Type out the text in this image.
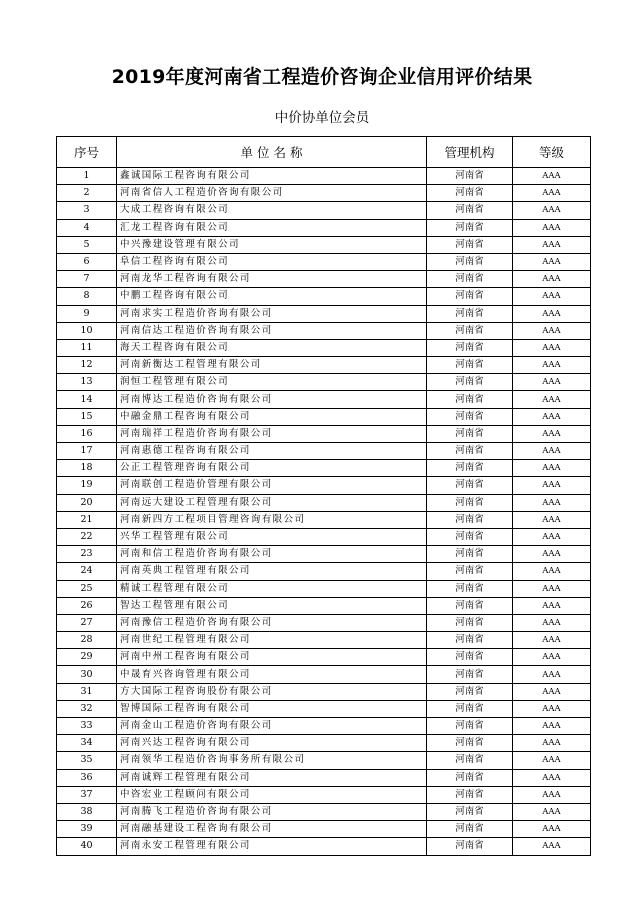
2019年度河南省工程造价咨询企业信用评价结果
中价协单位会员
序号	单 位 名 称	管理机构	等级
1	鑫诚国际工程咨询有限公司	河南省	AAA
2	河南省信人工程造价咨询有限公司	河南省	AAA
3	大成工程咨询有限公司	河南省	AAA
4	汇龙工程咨询有限公司	河南省	AAA
5	中兴豫建设管理有限公司	河南省	AAA
6	阜信工程咨询有限公司	河南省	AAA
7	河南龙华工程咨询有限公司	河南省	AAA
8	中鹏工程咨询有限公司	河南省	AAA
9	河南求实工程造价咨询有限公司	河南省	AAA
10	河南信达工程造价咨询有限公司	河南省	AAA
11	海天工程咨询有限公司	河南省	AAA
12	河南新衡达工程管理有限公司	河南省	AAA
13	润恒工程管理有限公司	河南省	AAA
14	河南博达工程造价咨询有限公司	河南省	AAA
15	中融金鼎工程咨询有限公司	河南省	AAA
16	河南瑞祥工程造价咨询有限公司	河南省	AAA
17	河南惠德工程咨询有限公司	河南省	AAA
18	公正工程管理咨询有限公司	河南省	AAA
19	河南联创工程造价管理有限公司	河南省	AAA
20	河南远大建设工程管理有限公司	河南省	AAA
21	河南新四方工程项目管理咨询有限公司	河南省	AAA
22	兴华工程管理有限公司	河南省	AAA
23	河南和信工程造价咨询有限公司	河南省	AAA
24	河南英典工程管理有限公司	河南省	AAA
25	精诚工程管理有限公司	河南省	AAA
26	智达工程管理有限公司	河南省	AAA
27	河南豫信工程造价咨询有限公司	河南省	AAA
28	河南世纪工程管理有限公司	河南省	AAA
29	河南中州工程咨询有限公司	河南省	AAA
30	中晟育兴咨询管理有限公司	河南省	AAA
31	方大国际工程咨询股份有限公司	河南省	AAA
32	智博国际工程咨询有限公司	河南省	AAA
33	河南金山工程造价咨询有限公司	河南省	AAA
34	河南兴达工程咨询有限公司	河南省	AAA
35	河南领华工程造价咨询事务所有限公司	河南省	AAA
36	河南诚辉工程管理有限公司	河南省	AAA
37	中咨宏业工程顾问有限公司	河南省	AAA
38	河南腾飞工程造价咨询有限公司	河南省	AAA
39	河南融基建设工程咨询有限公司	河南省	AAA
40	河南永安工程管理有限公司	河南省	AAA
